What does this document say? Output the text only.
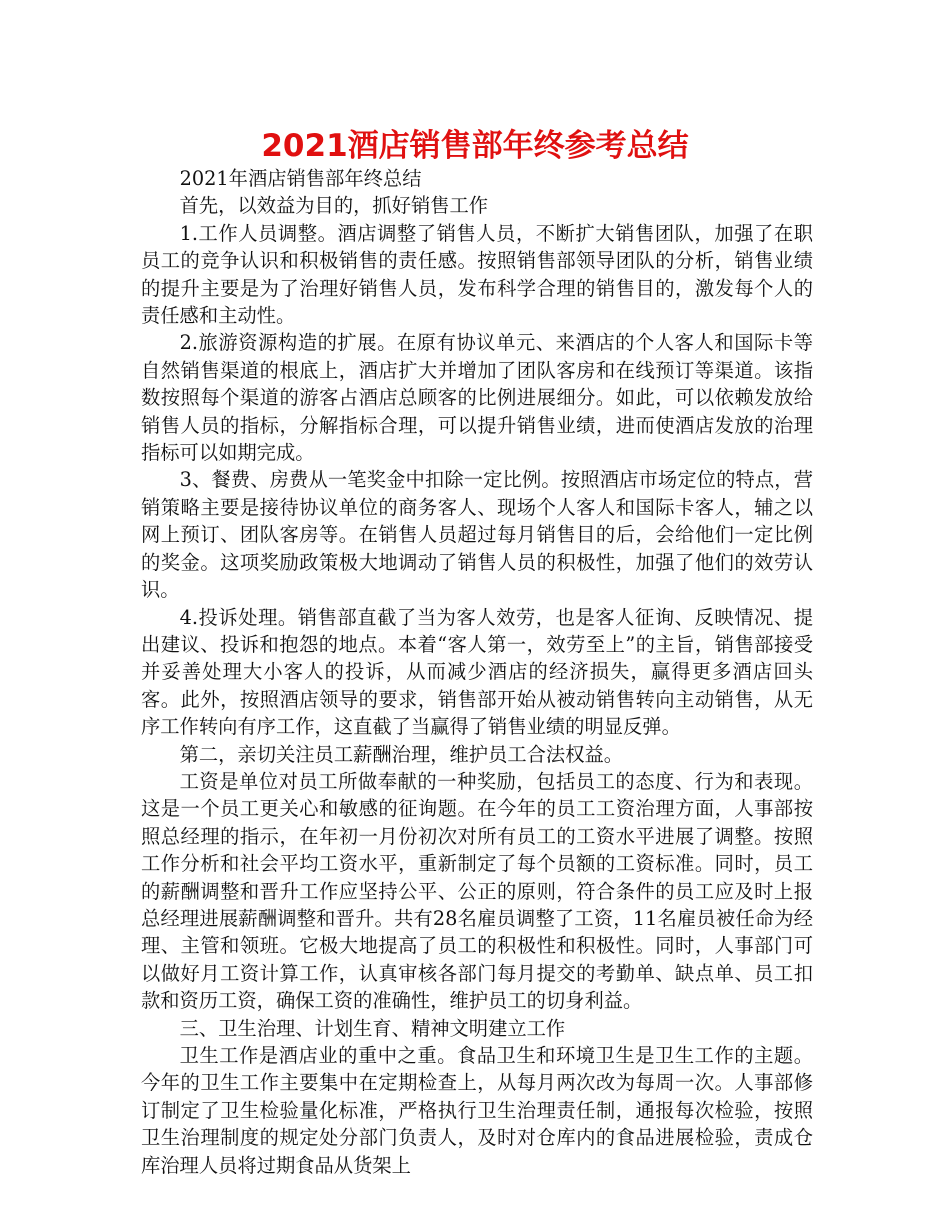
2021酒店销售部年终参考总结

2021年酒店销售部年终总结

首先，以效益为目的，抓好销售工作

1.工作人员调整。酒店调整了销售人员，不断扩大销售团队，加强了在职员工的竞争认识和积极销售的责任感。按照销售部领导团队的分析，销售业绩的提升主要是为了治理好销售人员，发布科学合理的销售目的，激发每个人的责任感和主动性。

2.旅游资源构造的扩展。在原有协议单元、来酒店的个人客人和国际卡等自然销售渠道的根底上，酒店扩大并增加了团队客房和在线预订等渠道。该指数按照每个渠道的游客占酒店总顾客的比例进展细分。如此，可以依赖发放给销售人员的指标，分解指标合理，可以提升销售业绩，进而使酒店发放的治理指标可以如期完成。

3、餐费、房费从一笔奖金中扣除一定比例。按照酒店市场定位的特点，营销策略主要是接待协议单位的商务客人、现场个人客人和国际卡客人，辅之以网上预订、团队客房等。在销售人员超过每月销售目的后，会给他们一定比例的奖金。这项奖励政策极大地调动了销售人员的积极性，加强了他们的效劳认识。

4.投诉处理。销售部直截了当为客人效劳，也是客人征询、反映情况、提出建议、投诉和抱怨的地点。本着“客人第一，效劳至上”的主旨，销售部接受并妥善处理大小客人的投诉，从而减少酒店的经济损失，赢得更多酒店回头客。此外，按照酒店领导的要求，销售部开始从被动销售转向主动销售，从无序工作转向有序工作，这直截了当赢得了销售业绩的明显反弹。

第二，亲切关注员工薪酬治理，维护员工合法权益。

工资是单位对员工所做奉献的一种奖励，包括员工的态度、行为和表现。这是一个员工更关心和敏感的征询题。在今年的员工工资治理方面，人事部按照总经理的指示，在年初一月份初次对所有员工的工资水平进展了调整。按照工作分析和社会平均工资水平，重新制定了每个员额的工资标准。同时，员工的薪酬调整和晋升工作应坚持公平、公正的原则，符合条件的员工应及时上报总经理进展薪酬调整和晋升。共有28名雇员调整了工资，11名雇员被任命为经理、主管和领班。它极大地提高了员工的积极性和积极性。同时，人事部门可以做好月工资计算工作，认真审核各部门每月提交的考勤单、缺点单、员工扣款和资历工资，确保工资的准确性，维护员工的切身利益。

三、卫生治理、计划生育、精神文明建立工作

卫生工作是酒店业的重中之重。食品卫生和环境卫生是卫生工作的主题。今年的卫生工作主要集中在定期检查上，从每月两次改为每周一次。人事部修订制定了卫生检验量化标准，严格执行卫生治理责任制，通报每次检验，按照卫生治理制度的规定处分部门负责人，及时对仓库内的食品进展检验，责成仓库治理人员将过期食品从货架上
